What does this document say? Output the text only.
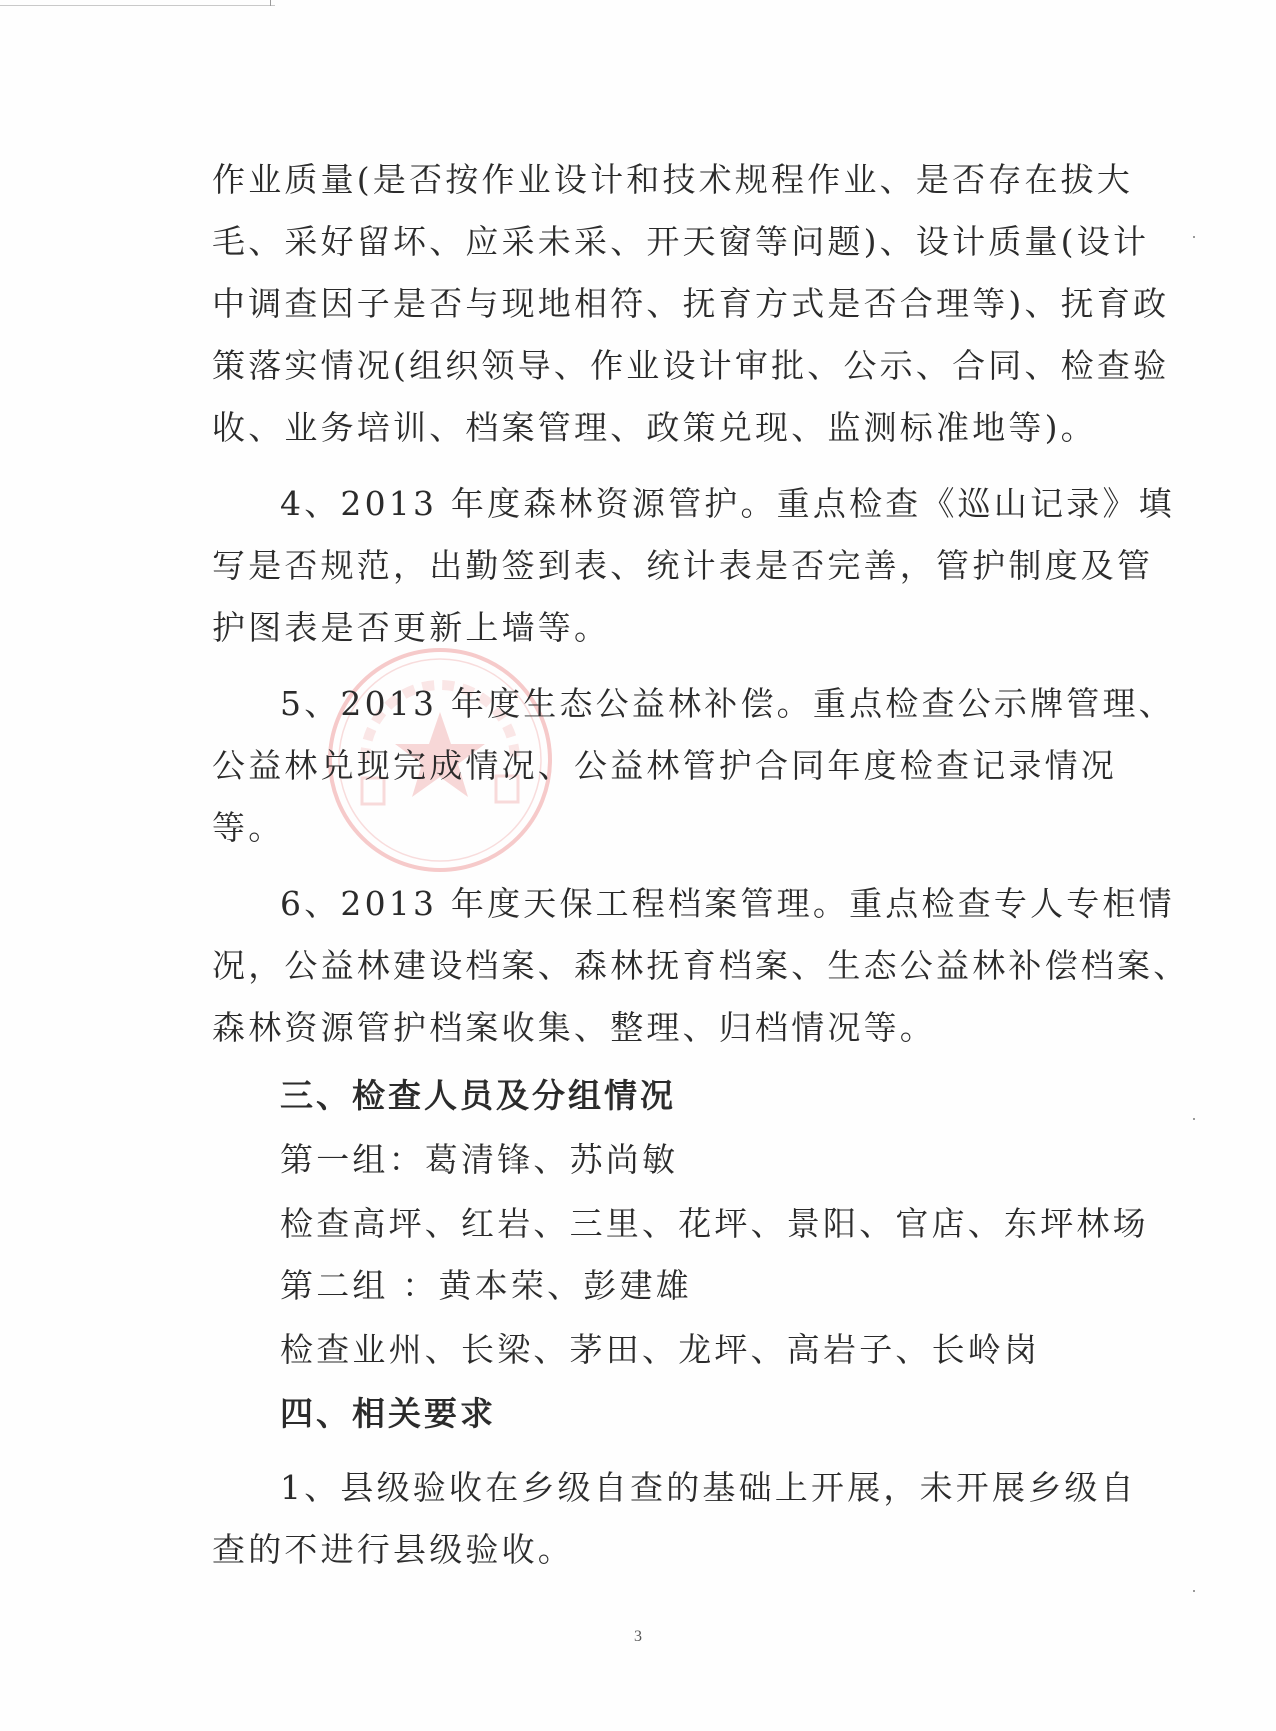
作业质量(是否按作业设计和技术规程作业、是否存在拔大
毛、采好留坏、应采未采、开天窗等问题)、设计质量(设计
中调查因子是否与现地相符、抚育方式是否合理等)、抚育政
策落实情况(组织领导、作业设计审批、公示、合同、检查验
收、业务培训、档案管理、政策兑现、监测标准地等)。
4、2013 年度森林资源管护。重点检查《巡山记录》填
写是否规范，出勤签到表、统计表是否完善，管护制度及管
护图表是否更新上墙等。
5、2013 年度生态公益林补偿。重点检查公示牌管理、
公益林兑现完成情况、公益林管护合同年度检查记录情况
等。
6、2013 年度天保工程档案管理。重点检查专人专柜情
况，公益林建设档案、森林抚育档案、生态公益林补偿档案、
森林资源管护档案收集、整理、归档情况等。
三、检查人员及分组情况
第一组：葛清锋、苏尚敏
检查高坪、红岩、三里、花坪、景阳、官店、东坪林场
第二组 ：黄本荣、彭建雄
检查业州、长梁、茅田、龙坪、高岩子、长岭岗
四、相关要求
1、县级验收在乡级自查的基础上开展，未开展乡级自
查的不进行县级验收。
3
